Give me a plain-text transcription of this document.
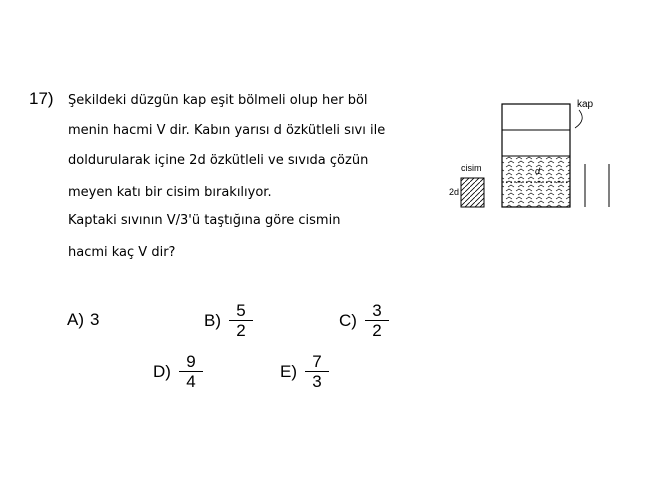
17) Şekildeki düzgün kap eşit bölmeli olup her böl
menin hacmi V dir. Kabın yarısı d özkütleli sıvı ile
doldurularak içine 2d özkütleli ve sıvıda çözün
meyen katı bir cisim bırakılıyor.
Kaptaki sıvının V/3'ü taştığına göre cismin
hacmi kaç V dir?
d
kap
cisim
2d
A) 3	$B) \frac{5}{2}$	$C) \frac{3}{2}$
$D) \frac{9}{4}$	$E) \frac{7}{3}$
